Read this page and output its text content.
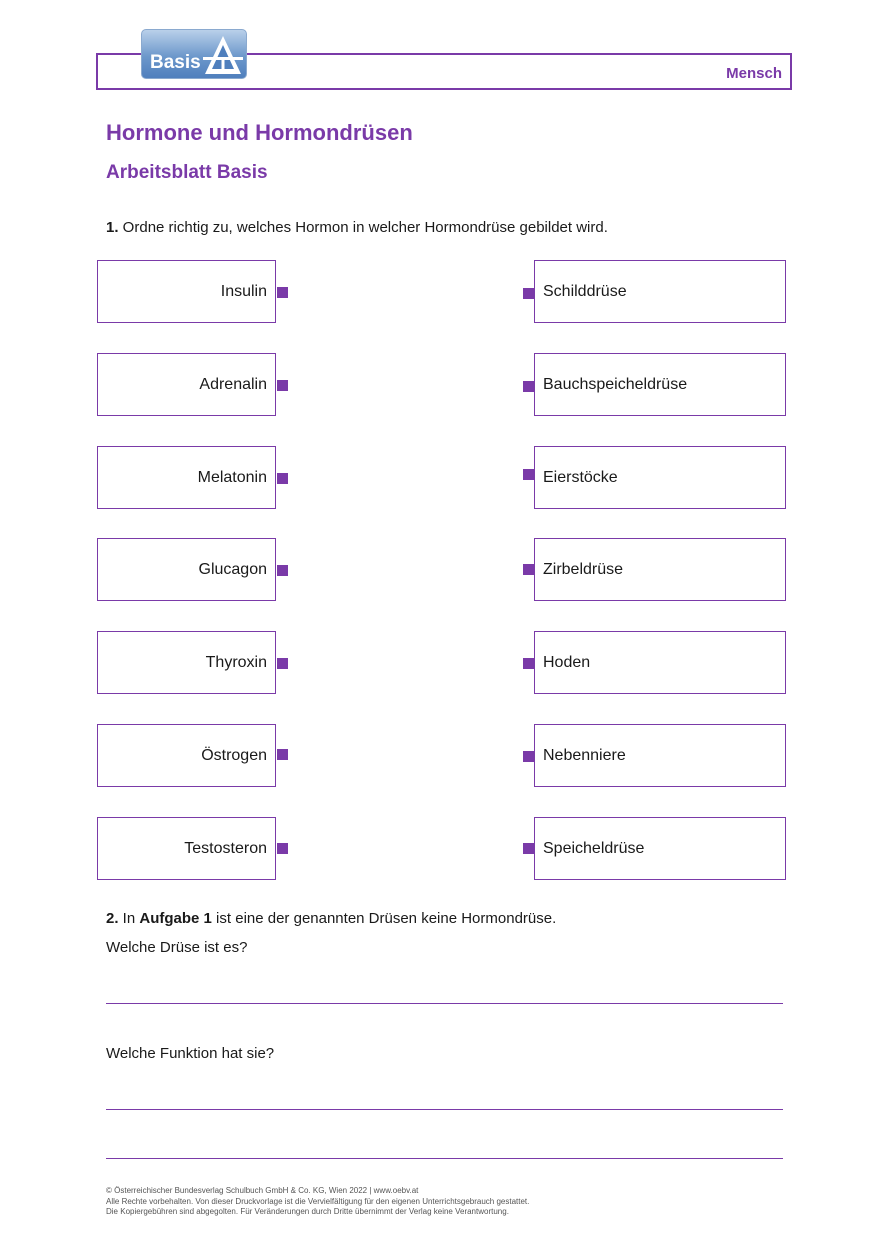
Mensch
Basis
Hormone und Hormondrüsen
Arbeitsblatt Basis
1. Ordne richtig zu, welches Hormon in welcher Hormondrüse gebildet wird.
Insulin
Adrenalin
Melatonin
Glucagon
Thyroxin
Östrogen
Testosteron
Schilddrüse
Bauchspeicheldrüse
Eierstöcke
Zirbeldrüse
Hoden
Nebenniere
Speicheldrüse
2. In Aufgabe 1 ist eine der genannten Drüsen keine Hormondrüse.
Welche Drüse ist es?
Welche Funktion hat sie?
© Österreichischer Bundesverlag Schulbuch GmbH & Co. KG, Wien 2022 | www.oebv.at
Alle Rechte vorbehalten. Von dieser Druckvorlage ist die Vervielfältigung für den eigenen Unterrichtsgebrauch gestattet.
Die Kopiergebühren sind abgegolten. Für Veränderungen durch Dritte übernimmt der Verlag keine Verantwortung.
